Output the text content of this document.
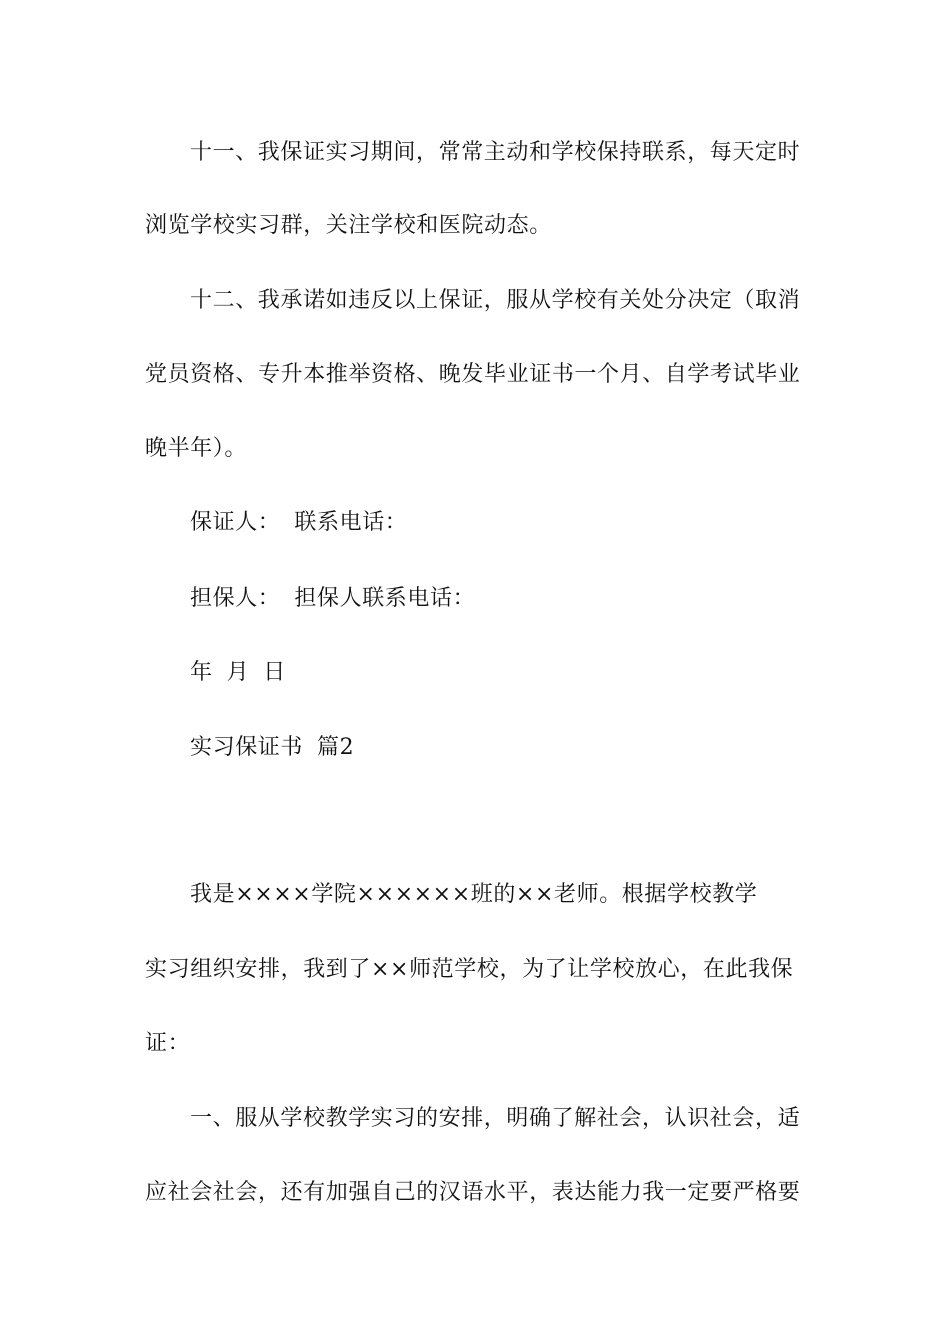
十一、我保证实习期间，常常主动和学校保持联系，每天定时
浏览学校实习群，关注学校和医院动态。
十二、我承诺如违反以上保证，服从学校有关处分决定（取消
党员资格、专升本推举资格、晚发毕业证书一个月、自学考试毕业
晚半年）。
保证人： 联系电话：
担保人： 担保人联系电话：
年 月 日
实习保证书 篇2
我是××××学院××××××班的××老师。根据学校教学
实习组织安排，我到了××师范学校，为了让学校放心，在此我保
证：
一、服从学校教学实习的安排，明确了解社会，认识社会，适
应社会社会，还有加强自己的汉语水平，表达能力我一定要严格要
